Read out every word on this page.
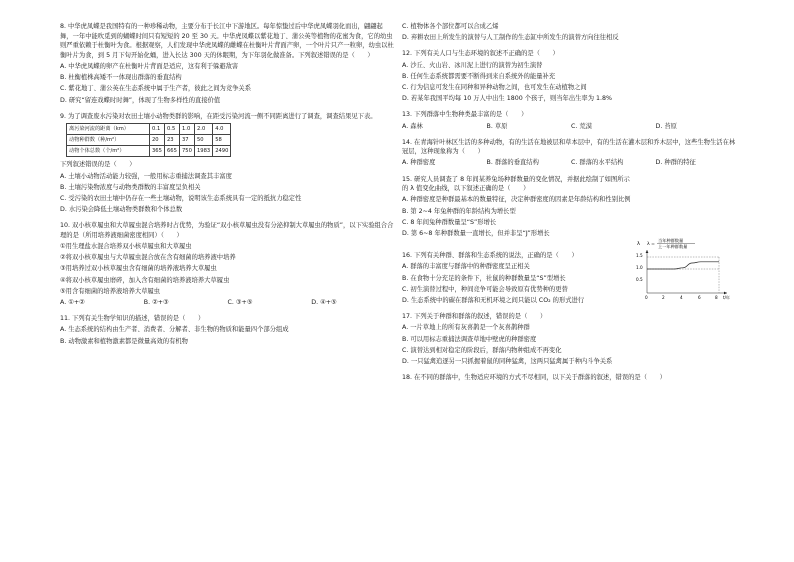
8. 中华虎凤蝶是我国特有的一种珍稀动物，主要分布于长江中下游地区。每年惊蛰过后中华虎凤蝶羽化而出，翩翩起舞，一年中能吹觅到的蝴蝶时间只有短短的 20 至 30 天。中华虎凤蝶以紫花地丁、蒲公英等植物的花蜜为食，它的幼虫则严重依赖于杜衡叶为食。根据观察，人们发现中华虎凤蝶的雌蝶在杜衡叶片背面产卵，一个叶片只产一粒卵，幼虫以杜衡叶片为食，到 5 月下旬开始化蛹，进入长达 300 天的休眠期，为下年羽化做准备。下列叙述错误的是（　　）

A. 中华虎凤蝶的卵产在杜衡叶片背面是适应，这有利于躲避敌害

B. 杜衡植株高矮不一体现出群落的垂直结构

C. 紫花地丁、蒲公英在生态系统中属于生产者，彼此之间为竞争关系

D. 研究“留连戏蝶时时舞”，体现了生物多样性的直接价值

9. 为了调查废水污染对农田土壤小动物类群的影响，在距受污染河流一侧不同距离进行了调查，调查结果见下表。

离污染河流的距离（km）	0.1	0.5	1.0	2.0	4.0
动物种群数（种/m²）	20	23	37	50	58
动物个体总数（个/m²）	365	665	750	1983	2490

下列叙述错误的是（　　）

A. 土壤小动物活动能力较强，一般用标志重捕法调查其丰富度

B. 土壤污染物浓度与动物类群数的丰富度呈负相关

C. 受污染的农田土壤中仍存在一些土壤动物，说明该生态系统具有一定的抵抗力稳定性

D. 水污染会降低土壤动物类群数和个体总数

10. 双小核草履虫和大草履虫混合培养时占优势，为验证“双小核草履虫没有分泌抑制大草履虫的物质”，以下实验组合合理的是（所用培养液细菌密度相同）（　　）

①用生理盐水混合培养双小核草履虫和大草履虫

②将双小核草履虫与大草履虫混合放在含有细菌的培养液中培养

③用培养过双小核草履虫含有细菌的培养液培养大草履虫

④将双小核草履虫磨碎，加入含有细菌的培养液培养大草履虫

⑤用含有细菌的培养液培养大草履虫

A. ①+②	B. ②+③	C. ③+⑤	D. ④+⑤

11. 下列有关生物学知识的描述，错误的是（　　）

A. 生态系统的结构由生产者、消费者、分解者、非生物的物质和能量四个部分组成

B. 动物激素和植物激素都是微量高效的有机物

C. 植物体各个部位都可以合成乙烯

D. 弃耕农田上所发生的演替与人工制作的生态缸中所发生的演替方向往往相反

12. 下列有关人口与生态环境的叙述不正确的是（　　）

A. 沙丘、火山岩、冰川泥上进行的演替为初生演替

B. 任何生态系统都需要不断得到来自系统外的能量补充

C. 行为信息可发生在同种和异种动物之间，也可发生在动植物之间

D. 若某年我国平均每 10 万人中出生 1800 个孩子，则当年出生率为 1.8%

13. 下列群落中生物种类最丰富的是（　　）

A. 森林	B. 草原	C. 荒漠	D. 苔原

14. 在青海针叶林区生活的多种动物，有的生活在地被层和草本层中，有的生活在灌木层和乔木层中，这些生物生活在林冠层，这种现象称为（　　）

A. 种群密度	B. 群落的垂直结构	C. 群落的水平结构	D. 种群的特征

15. 研究人员调查了 8 年间某养兔场种群数量的变化情况，并据此绘制了如图所示的 λ 值变化曲线，以下叙述正确的是（　　）

A. 种群密度是种群最基本的数量特征，决定种群密度的因素是年龄结构和性别比例

B. 第 2~4 年兔种群的年龄结构为增长型

C. 8 年间兔种群数量呈“S”形增长

D. 第 6~8 年种群数量一直增长，但并非呈“J”形增长

16. 下列有关种群、群落和生态系统的说法，正确的是（　　）

A. 群落的丰富度与群落中的种群密度呈正相关

B. 在食物十分充足的条件下，社鼠的种群数量呈“S”型增长

C. 初生演替过程中，种间竞争可能会导致原有优势种的更替

D. 生态系统中的碳在群落和无机环境之间只能以 CO₂ 的形式进行

17. 下列关于种群和群落的叙述，错误的是（　　）

A. 一片草地上的所有灰喜鹊是一个灰喜鹊种群

B. 可以用标志重捕法调查草地中壁虎的种群密度

C. 演替达到相对稳定的阶段后，群落内物种组成不再变化

D. 一只猛禽追逐另一只抓握着鼠的同种猛禽，这两只猛禽属于种内斗争关系

18. 在不同的群落中，生物适应环境的方式不尽相同，以下关于群落的叙述，错误的是（　　）

λ λ =
当年种群数量
上一年种群数量
1.5
1.0
0.5
0	2	4	6	8 t/年
